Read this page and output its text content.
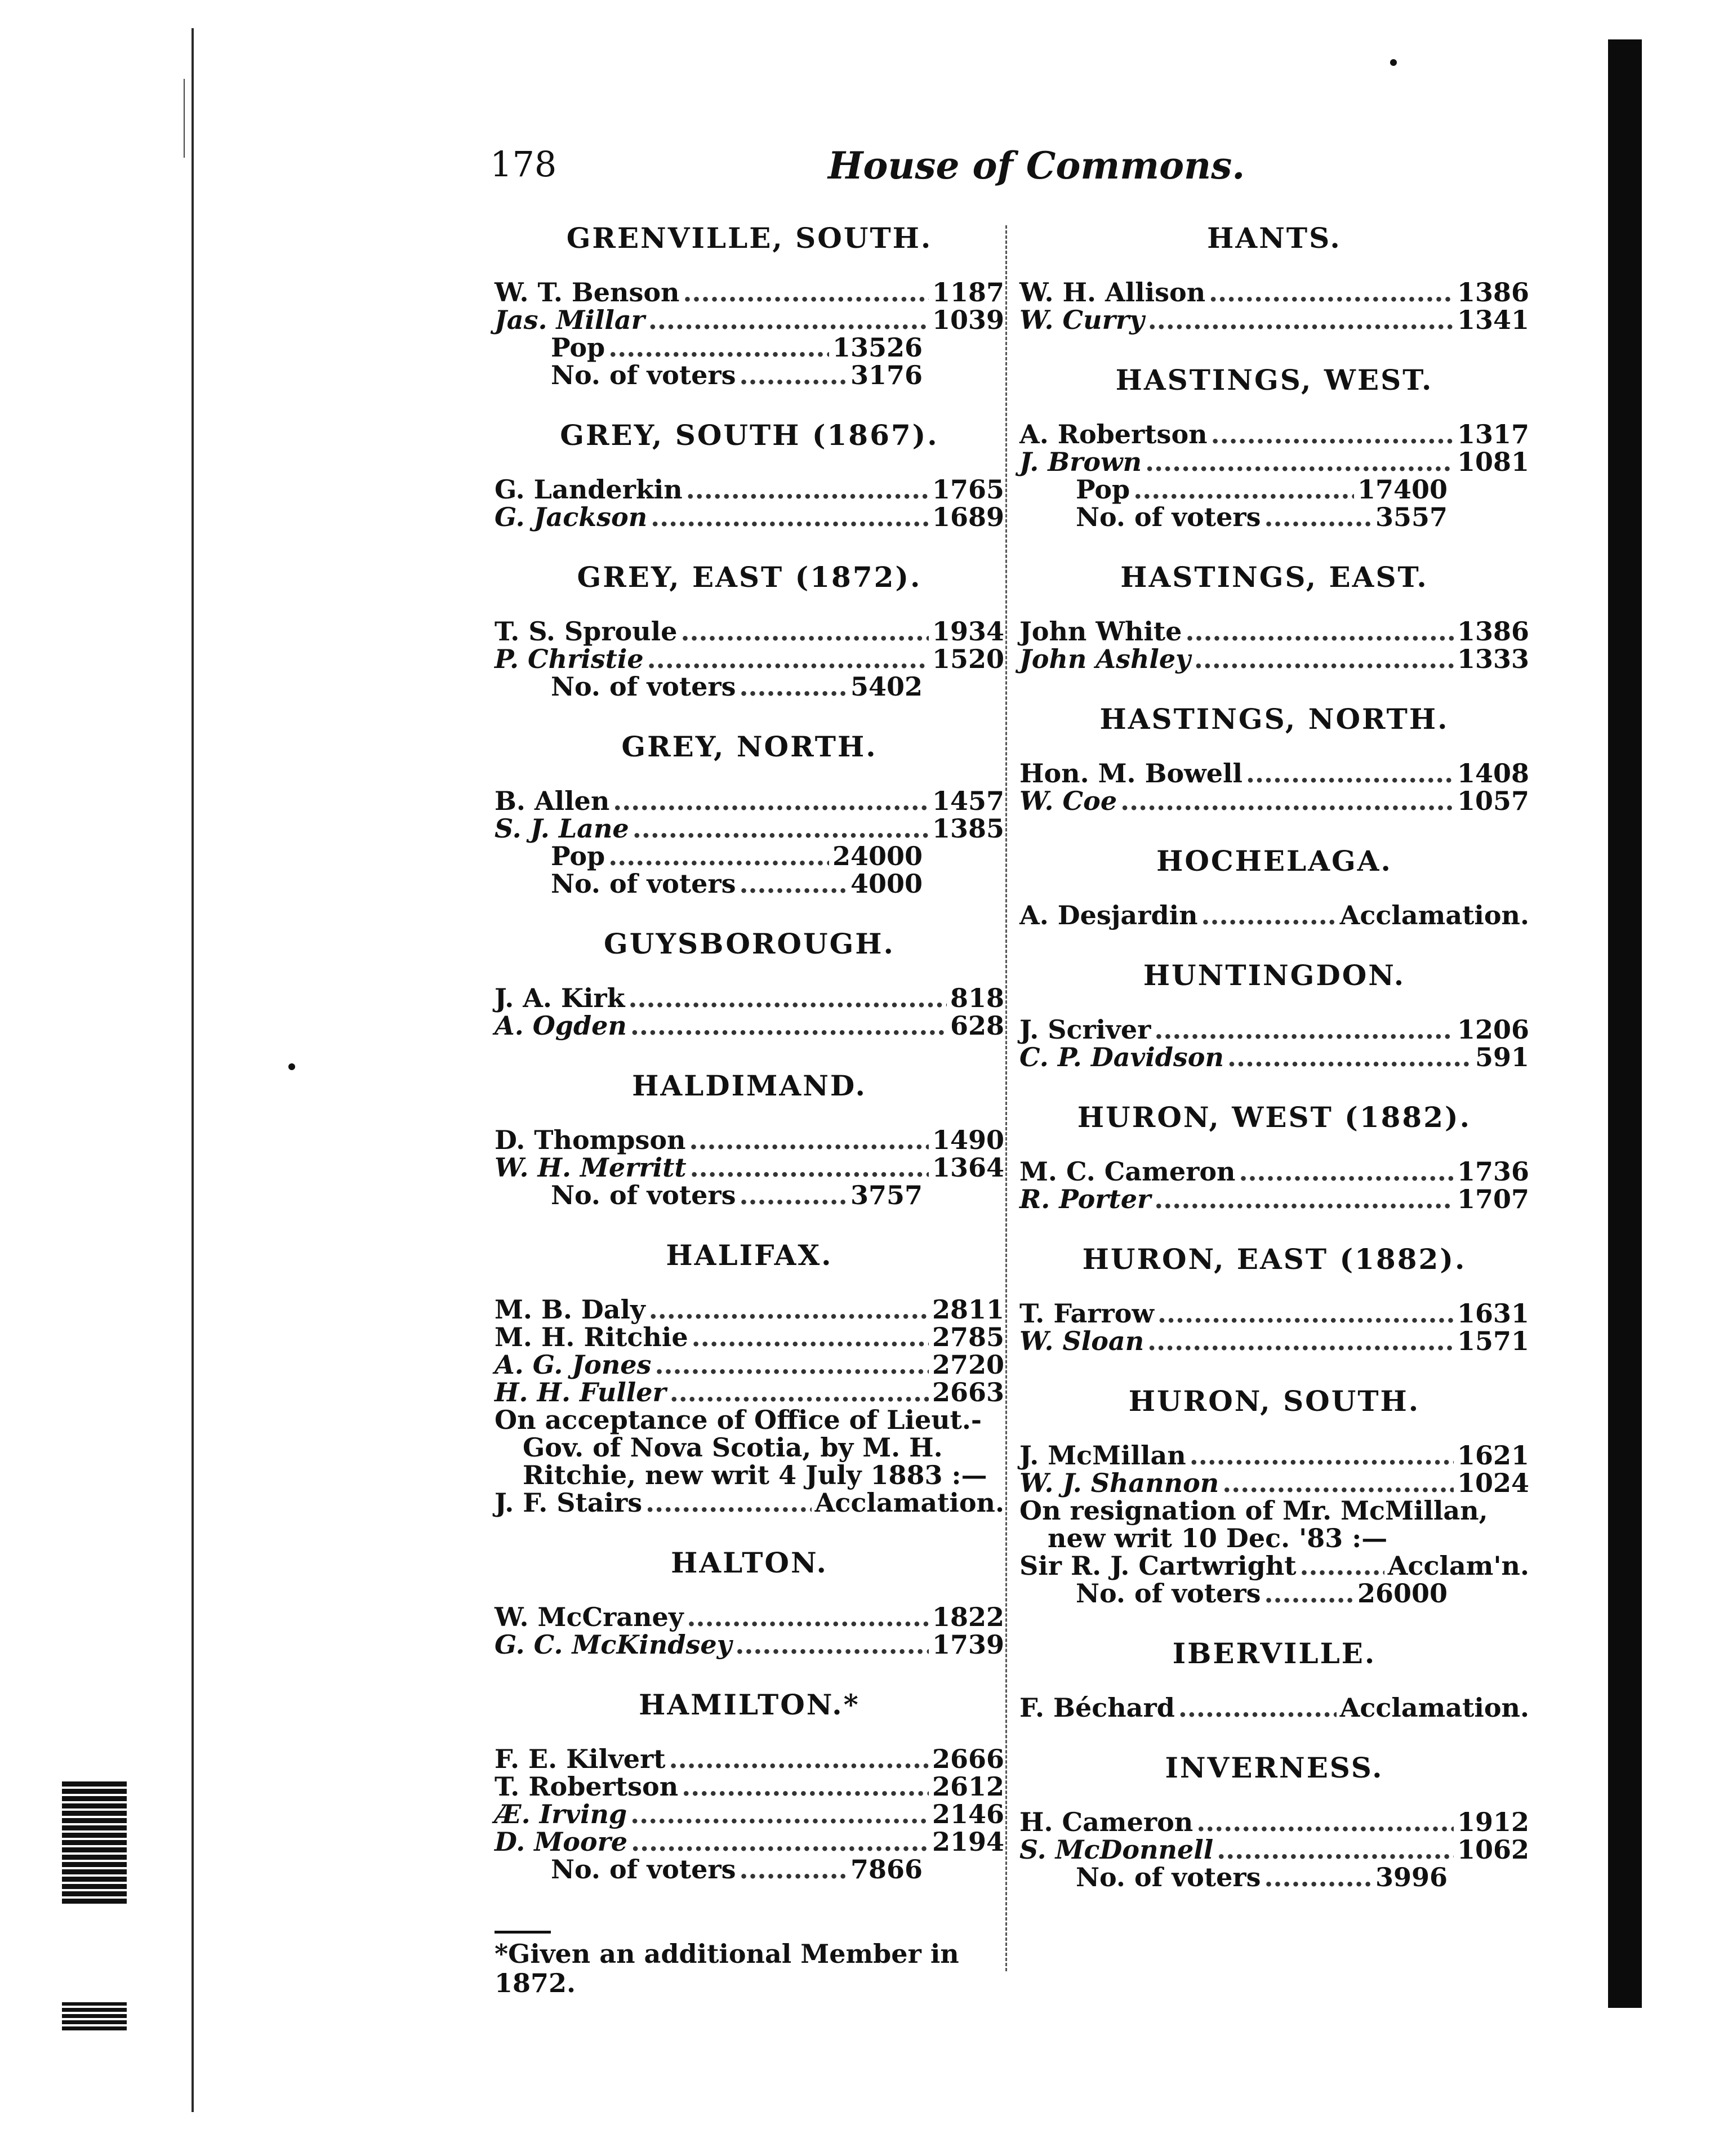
178	House of Commons.
GRENVILLE, SOUTH.
W. T. Benson .....	1187
Jas. Millar .....	1039
Pop .....	13526
No. of voters .....	3176
GREY, SOUTH (1867).
G. Landerkin .....	1765
G. Jackson .....	1689
GREY, EAST (1872).
T. S. Sproule .....	1934
P. Christie .....	1520
No. of voters .....	5402
GREY, NORTH.
B. Allen .....	1457
S. J. Lane .....	1385
Pop .....	24000
No. of voters .....	4000
GUYSBOROUGH.
J. A. Kirk .....	818
A. Ogden .....	628
HALDIMAND.
D. Thompson .....	1490
W. H. Merritt .....	1364
No. of voters .....	3757
HALIFAX.
M. B. Daly .....	2811
M. H. Ritchie .....	2785
A. G. Jones .....	2720
H. H. Fuller .....	2663
On acceptance of Office of Lieut.-Gov. of Nova Scotia, by M. H. Ritchie, new writ 4 July 1883 :—
J. F. Stairs .....	Acclamation.
HALTON.
W. McCraney .....	1822
G. C. McKindsey .....	1739
HAMILTON.*
F. E. Kilvert .....	2666
T. Robertson .....	2612
Æ. Irving .....	2146
D. Moore .....	2194
No. of voters .....	7866
*Given an additional Member in 1872.
HANTS.
W. H. Allison .....	1386
W. Curry .....	1341
HASTINGS, WEST.
A. Robertson .....	1317
J. Brown .....	1081
Pop .....	17400
No. of voters .....	3557
HASTINGS, EAST.
John White .....	1386
John Ashley .....	1333
HASTINGS, NORTH.
Hon. M. Bowell .....	1408
W. Coe .....	1057
HOCHELAGA.
A. Desjardin .....	Acclamation.
HUNTINGDON.
J. Scriver .....	1206
C. P. Davidson .....	591
HURON, WEST (1882).
M. C. Cameron .....	1736
R. Porter .....	1707
HURON, EAST (1882).
T. Farrow .....	1631
W. Sloan .....	1571
HURON, SOUTH.
J. McMillan .....	1621
W. J. Shannon .....	1024
On resignation of Mr. McMillan, new writ 10 Dec. '83 :—
Sir R. J. Cartwright .....	Acclam'n.
No. of voters .....	26000
IBERVILLE.
F. Béchard .....	Acclamation.
INVERNESS.
H. Cameron .....	1912
S. McDonnell .....	1062
No. of voters .....	3996
